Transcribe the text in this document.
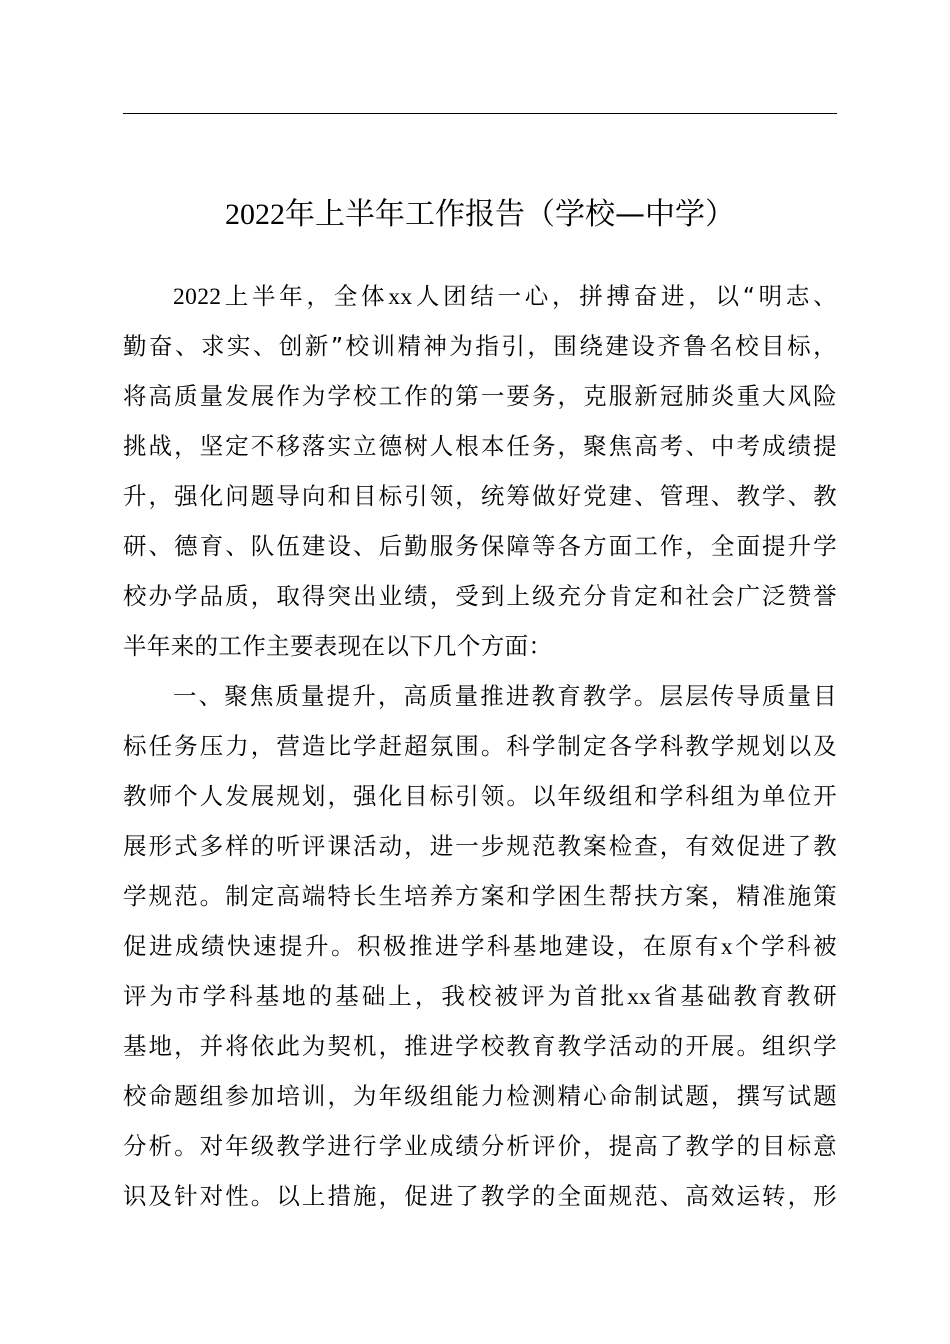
2022年上半年工作报告（学校—中学）
2022上半年，全体xx人团结一心，拼搏奋进，以“明志、
勤奋、求实、创新”校训精神为指引，围绕建设齐鲁名校目标，
将高质量发展作为学校工作的第一要务，克服新冠肺炎重大风险
挑战，坚定不移落实立德树人根本任务，聚焦高考、中考成绩提
升，强化问题导向和目标引领，统筹做好党建、管理、教学、教
研、德育、队伍建设、后勤服务保障等各方面工作，全面提升学
校办学品质，取得突出业绩，受到上级充分肯定和社会广泛赞誉
半年来的工作主要表现在以下几个方面：
一、聚焦质量提升，高质量推进教育教学。层层传导质量目
标任务压力，营造比学赶超氛围。科学制定各学科教学规划以及
教师个人发展规划，强化目标引领。以年级组和学科组为单位开
展形式多样的听评课活动，进一步规范教案检查，有效促进了教
学规范。制定高端特长生培养方案和学困生帮扶方案，精准施策
促进成绩快速提升。积极推进学科基地建设，在原有x个学科被
评为市学科基地的基础上，我校被评为首批xx省基础教育教研
基地，并将依此为契机，推进学校教育教学活动的开展。组织学
校命题组参加培训，为年级组能力检测精心命制试题，撰写试题
分析。对年级教学进行学业成绩分析评价，提高了教学的目标意
识及针对性。以上措施，促进了教学的全面规范、高效运转，形
